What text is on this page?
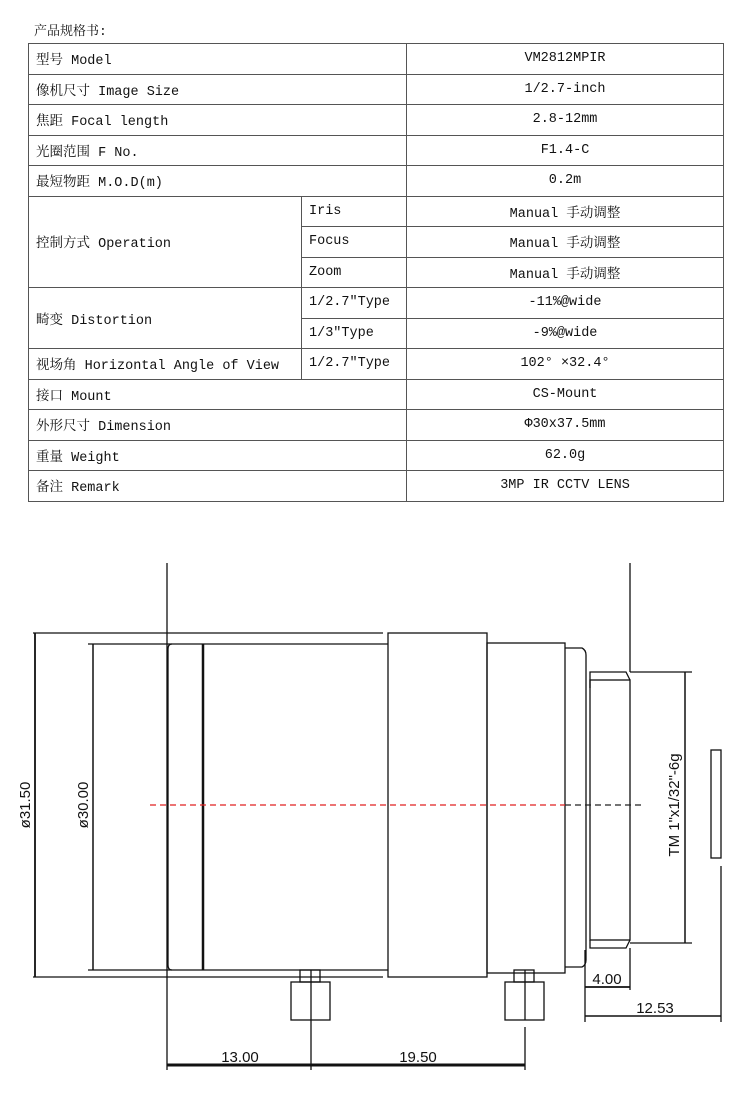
产品规格书:
型号 Model		VM2812MPIR
像机尺寸 Image Size		1/2.7-inch
焦距 Focal length		2.8-12mm
光圈范围 F No.		F1.4-C
最短物距 M.O.D(m)		0.2m
控制方式 Operation	Iris	Manual 手动调整
	Focus	Manual 手动调整
	Zoom	Manual 手动调整
畸变 Distortion	1/2.7"Type	-11%@wide
	1/3"Type	-9%@wide
视场角 Horizontal Angle of View	1/2.7"Type	102° ×32.4°
接口 Mount		CS-Mount
外形尺寸 Dimension		Φ30x37.5mm
重量 Weight		62.0g
备注 Remark		3MP IR CCTV LENS
ø31.50	ø30.00	TM 1"x1/32"-6g
4.00
12.53
13.00	19.50
